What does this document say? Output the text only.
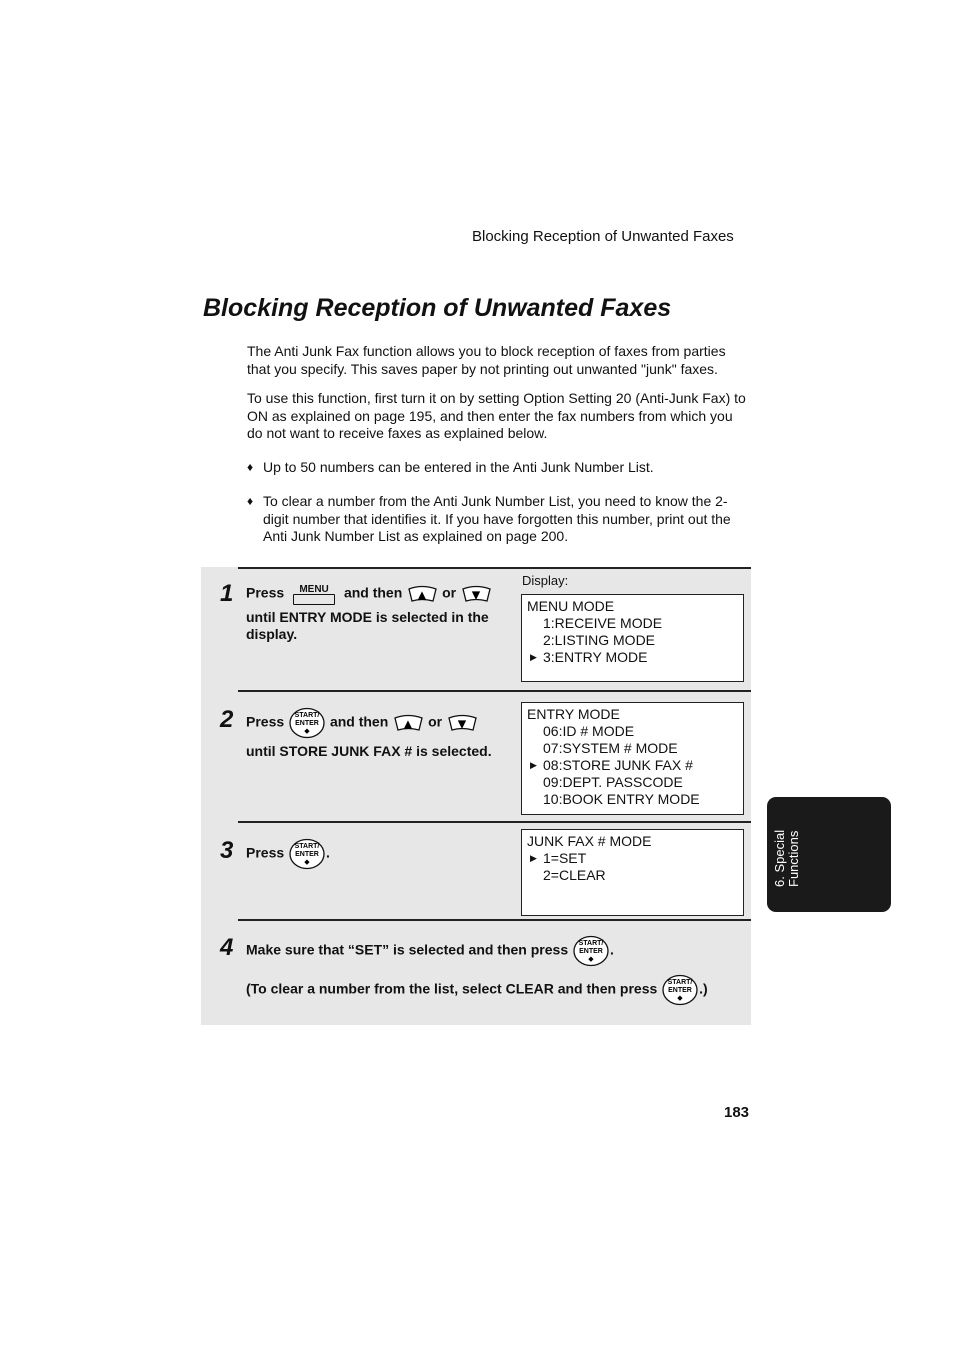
Blocking Reception of Unwanted Faxes
Blocking Reception of Unwanted Faxes

The Anti Junk Fax function allows you to block reception of faxes from parties that you specify. This saves paper by not printing out unwanted "junk" faxes.

To use this function, first turn it on by setting Option Setting 20 (Anti-Junk Fax) to ON as explained on page 195, and then enter the fax numbers from which you do not want to receive faxes as explained below.

♦ Up to 50 numbers can be entered in the Anti Junk Number List.
♦ To clear a number from the Anti Junk Number List, you need to know the 2-digit number that identifies it. If you have forgotten this number, print out the Anti Junk Number List as explained on page 200.
Display:
1 Press	MENU	and then ▲ or ▼
until ENTRY MODE is selected in the display.
MENU MODE
1:RECEIVE MODE
2:LISTING MODE
▶ 3:ENTRY MODE
2 Press START/
ENTER
◆
and then ▲ or ▼
until STORE JUNK FAX # is selected.
ENTRY MODE
06:ID # MODE
07:SYSTEM # MODE
▶ 08:STORE JUNK FAX #
09:DEPT. PASSCODE
10:BOOK ENTRY MODE
3 Press START/
ENTER
◆
.
JUNK FAX # MODE
▶ 1=SET
2=CLEAR
4 Make sure that “SET” is selected and then press START/
ENTER
◆
.
(To clear a number from the list, select CLEAR and then press START/
ENTER
◆
.)
6. Special Functions
183
